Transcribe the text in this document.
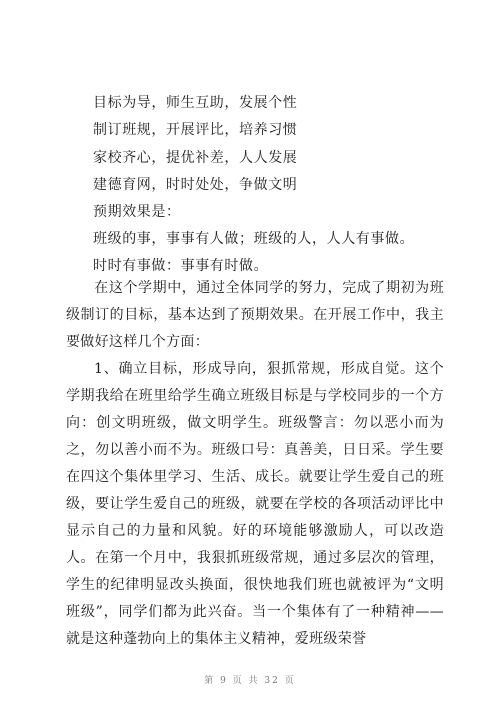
目标为导，师生互助，发展个性
制订班规，开展评比，培养习惯
家校齐心，提优补差，人人发展
建德育网，时时处处，争做文明
预期效果是：
班级的事，事事有人做；班级的人，人人有事做。
时时有事做：事事有时做。
在这个学期中，通过全体同学的努力，完成了期初为班级制订的目标，基本达到了预期效果。在开展工作中，我主要做好这样几个方面：
1、确立目标，形成导向，狠抓常规，形成自觉。这个学期我给在班里给学生确立班级目标是与学校同步的一个方向：创文明班级，做文明学生。班级警言：勿以恶小而为之，勿以善小而不为。班级口号：真善美，日日采。学生要在四这个集体里学习、生活、成长。就要让学生爱自己的班级，要让学生爱自己的班级，就要在学校的各项活动评比中显示自己的力量和风貌。好的环境能够激励人，可以改造人。在第一个月中，我狠抓班级常规，通过多层次的管理，学生的纪律明显改头换面，很快地我们班也就被评为“文明班级”，同学们都为此兴奋。当一个集体有了一种精神——就是这种蓬勃向上的集体主义精神，爱班级荣誉
第 9 页 共 32 页
